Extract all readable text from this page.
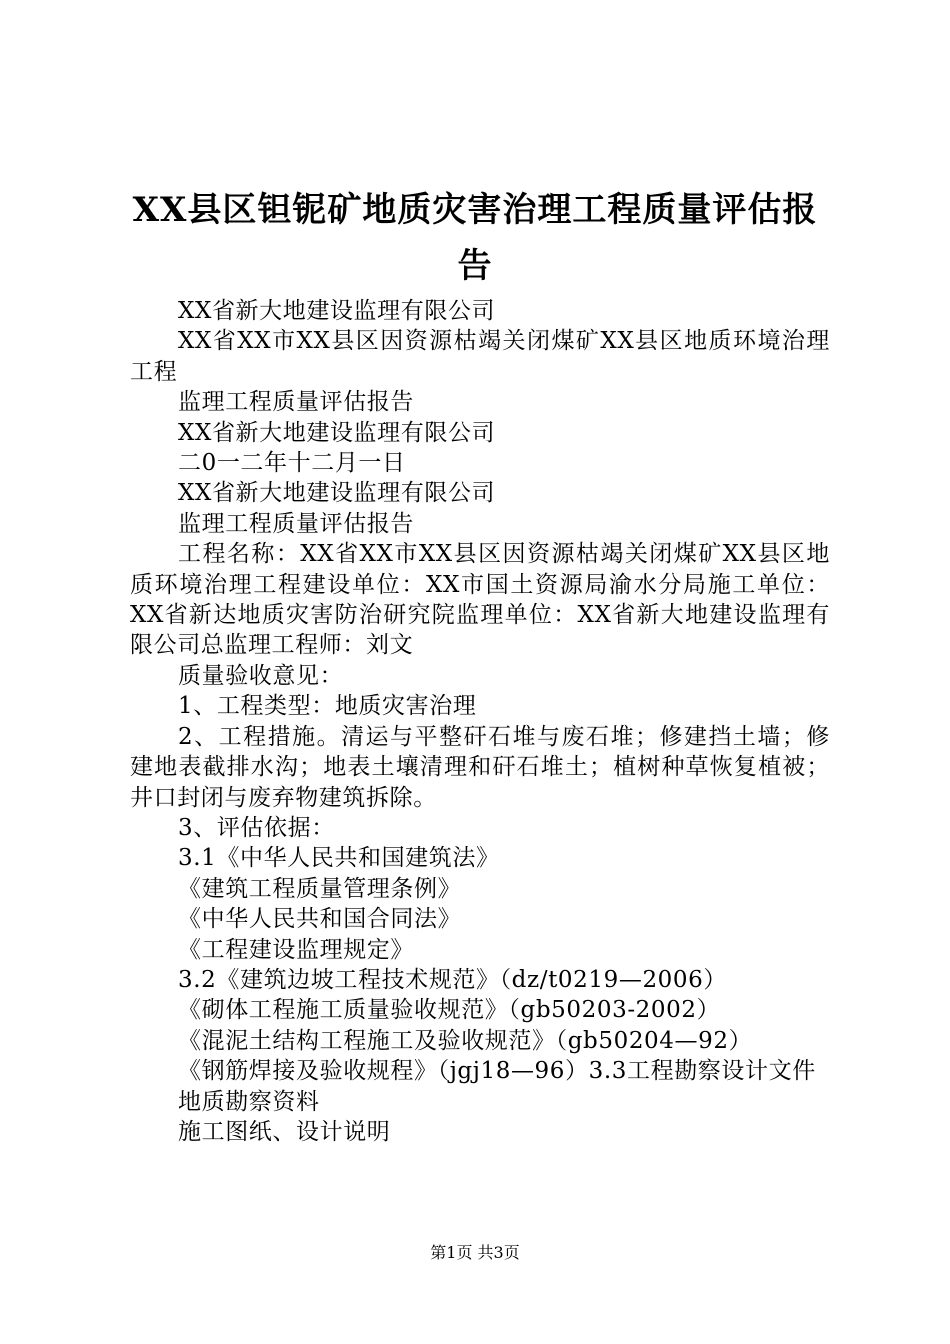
XX县区钽铌矿地质灾害治理工程质量评估报告

XX省新大地建设监理有限公司

XX省XX市XX县区因资源枯竭关闭煤矿XX县区地质环境治理工程

监理工程质量评估报告

XX省新大地建设监理有限公司

二0一二年十二月一日

XX省新大地建设监理有限公司

监理工程质量评估报告

工程名称：XX省XX市XX县区因资源枯竭关闭煤矿XX县区地质环境治理工程建设单位：XX市国土资源局渝水分局施工单位：XX省新达地质灾害防治研究院监理单位：XX省新大地建设监理有限公司总监理工程师：刘文

质量验收意见：

1、工程类型：地质灾害治理

2、工程措施。清运与平整矸石堆与废石堆；修建挡土墙；修建地表截排水沟；地表土壤清理和矸石堆土；植树种草恢复植被；井口封闭与废弃物建筑拆除。

3、评估依据：

3.1《中华人民共和国建筑法》

《建筑工程质量管理条例》

《中华人民共和国合同法》

《工程建设监理规定》

3.2《建筑边坡工程技术规范》（dz/t0219—2006）

《砌体工程施工质量验收规范》（gb50203-2002）

《混泥土结构工程施工及验收规范》（gb50204—92）

《钢筋焊接及验收规程》（jgj18—96）3.3工程勘察设计文件

地质勘察资料

施工图纸、设计说明

第1页 共3页
